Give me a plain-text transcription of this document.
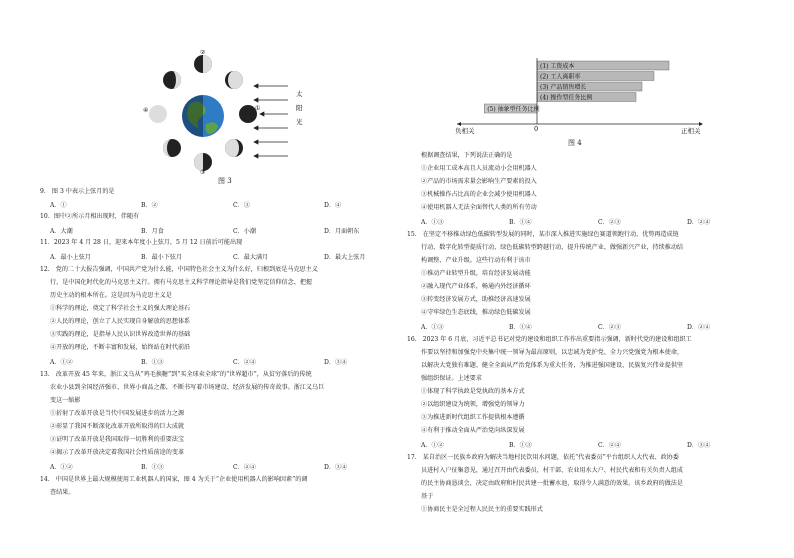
②
①
④
③
太
阳
光
图 3
9.　图 3 中表示上弦月的是
A．①	B．②	C．③	D．④
10．图中②所示月相出现时，伴随有
A．大潮	B．月食	C．小潮	D．月面朝东
11．2023 年 4 月 28 日，迎来本年度小上弦月，5 月 12 日前后可能出现
A．最小上弦月	B．最小下弦月	C．最大满月	D．最大上弦月
12.　党的二十大报告强调，中国共产党为什么能，中国特色社会主义为什么好，归根到底是马克思主义
行，是中国化时代化的马克思主义行。拥有马克思主义科学理论指导是我们党坚定信仰信念、把握
历史主动的根本所在。这是因为马克思主义是
①科学的理论，奠定了科学社会主义的强大理论基石
②人民的理论，创立了人民实现自身解放的思想体系
③实践的理论，是指导人民认识世界改造世界的基础
④开放的理论，不断丰富和发展，始终站在时代前沿
A．①②	B．①③	C．②④	D．③④
13.　改革开放 45 年来，浙江义乌从“鸡毛换糖”到“买全球卖全球”的“世界超市”，从贫穷落后的传统
农业小县到全国经济强市、世界小商品之都，不断书写着市场建设、经济发展的传奇故事。浙江义乌巨
变这一缩影
①折射了改革开放是当代中国发展进步的活力之源
②彰显了我国不断深化改革开放所取得的巨大成就
③证明了改革开放是我国取得一切胜利的重要法宝
④揭示了改革开放决定着我国社会性质前途的变革
A．①②	B．①③	C．②④	D．③④
14.　中国是世界上最大规模使用工业机器人的国家，图 4 为关于“企业使用机器人的影响因素”的调
查结果。
(1) 工资成本
(2) 工人离职率
(3) 产品销售增长
(4) 操作型任务比例
(5) 抽象型任务比例
负相关	0	正相关
图 4
根据调查结果，下列说法正确的是
①企业用工成本高且人员流动小会用机器人
②产品的市场需求量会影响生产要素的投入
③机械操作占比高的企业会减少使用机器人
④使用机器人无法全面替代人类的所有劳动
A．①③	B．①④	C．②③	D．②④
15.　在坚定不移推动绿色低碳转型发展的同时，某市深入推进实施绿色赛道领跑行动、优势再造成链
行动、数字化转型提质行动、绿色低碳转型跨越行动，提升传统产业、做强新兴产业，持续推动结
构调整、产业升级。这些行动有利于该市
①推动产业转型升级，培育经济发展动能
②融入现代产业体系，畅通内外经济循环
③转变经济发展方式，助推经济高速发展
④守牢绿色生态底线，推动绿色低碳发展
A．①③	B．①④	C．②③	D．②④
16.　2023 年 6 月底，习近平总书记对党的建设和组织工作作出重要指示强调，新时代党的建设和组织工
作要以坚持和加强党中央集中统一领导为最高原则，以忠诚为党护党、全力兴党强党为根本使命，
以解决大党独有难题、健全全面从严治党体系为重大任务，为推进强国建设、民族复兴伟业提供坚
强组织保证。上述要求
①体现了科学执政是党执政的基本方式
②以组织建设为统领，增强党的领导力
③为推进新时代组织工作提供根本遵循
④有利于推动全面从严治党向纵深发展
A．①②	B．①③	C．②④	D．③④
17.　某自治区一民族乡政府为解决当地村民饮用水问题，依托“代表委员”平台组织人大代表、政协委
员进村入户征集意见，通过召开由代表委员，村干部、农业用水大户、村民代表和有关负责人组成
的民主协商恳谈会，决定由政府和村民共建一批蓄水池，取得令人满意的效果。该乡政府的做法是
基于
①协商民主是全过程人民民主的重要实践形式
